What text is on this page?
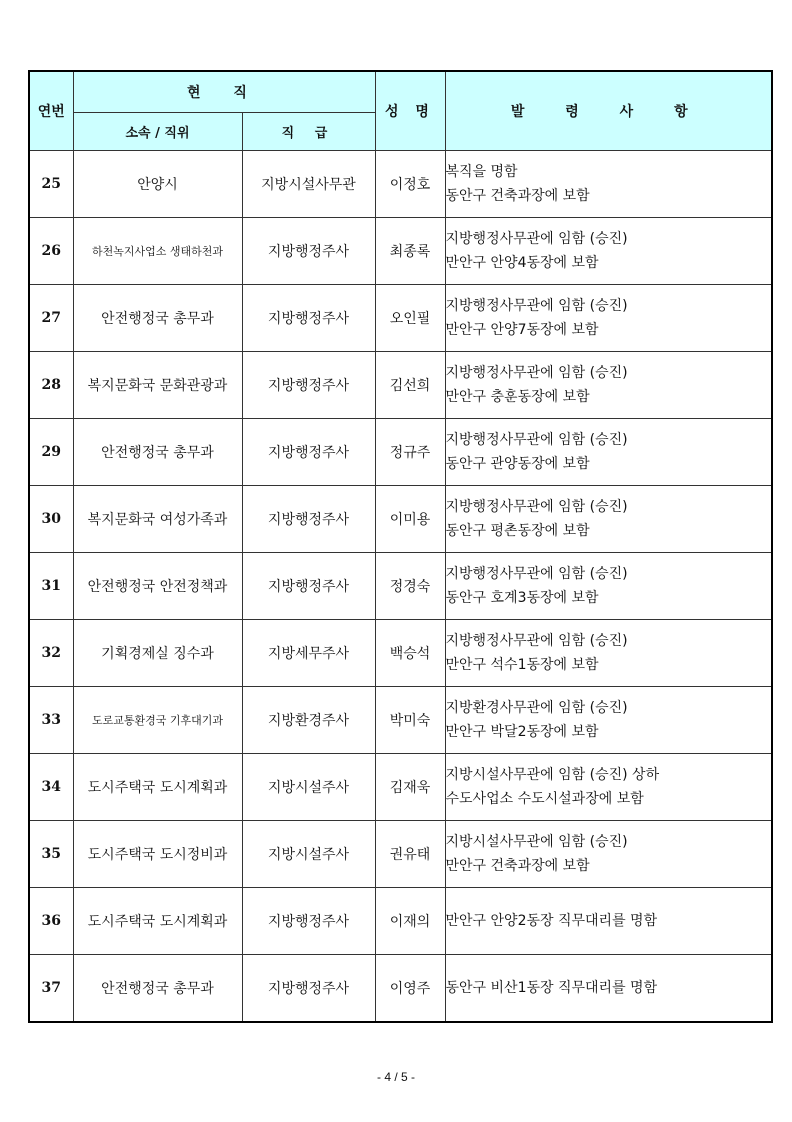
연번	현 직		성 명	발 령 사 항
	소속 / 직위	직 급		
25	안양시	지방시설사무관	이정호	복직을 명함
동안구 건축과장에 보함

26	하천녹지사업소 생태하천과	지방행정주사	최종록	지방행정사무관에 임함 (승진)
만안구 안양4동장에 보함

27	안전행정국 총무과	지방행정주사	오인필	지방행정사무관에 임함 (승진)
만안구 안양7동장에 보함

28	복지문화국 문화관광과	지방행정주사	김선희	지방행정사무관에 임함 (승진)
만안구 충훈동장에 보함

29	안전행정국 총무과	지방행정주사	정규주	지방행정사무관에 임함 (승진)
동안구 관양동장에 보함

30	복지문화국 여성가족과	지방행정주사	이미용	지방행정사무관에 임함 (승진)
동안구 평촌동장에 보함

31	안전행정국 안전정책과	지방행정주사	정경숙	지방행정사무관에 임함 (승진)
동안구 호계3동장에 보함

32	기획경제실 징수과	지방세무주사	백승석	지방행정사무관에 임함 (승진)
만안구 석수1동장에 보함

33	도로교통환경국 기후대기과	지방환경주사	박미숙	지방환경사무관에 임함 (승진)
만안구 박달2동장에 보함

34	도시주택국 도시계획과	지방시설주사	김재욱	지방시설사무관에 임함 (승진) 상하
수도사업소 수도시설과장에 보함

35	도시주택국 도시정비과	지방시설주사	권유태	지방시설사무관에 임함 (승진)
만안구 건축과장에 보함

36	도시주택국 도시계획과	지방행정주사	이재의	만안구 안양2동장 직무대리를 명함

37	안전행정국 총무과	지방행정주사	이영주	동안구 비산1동장 직무대리를 명함
- 4 / 5 -
